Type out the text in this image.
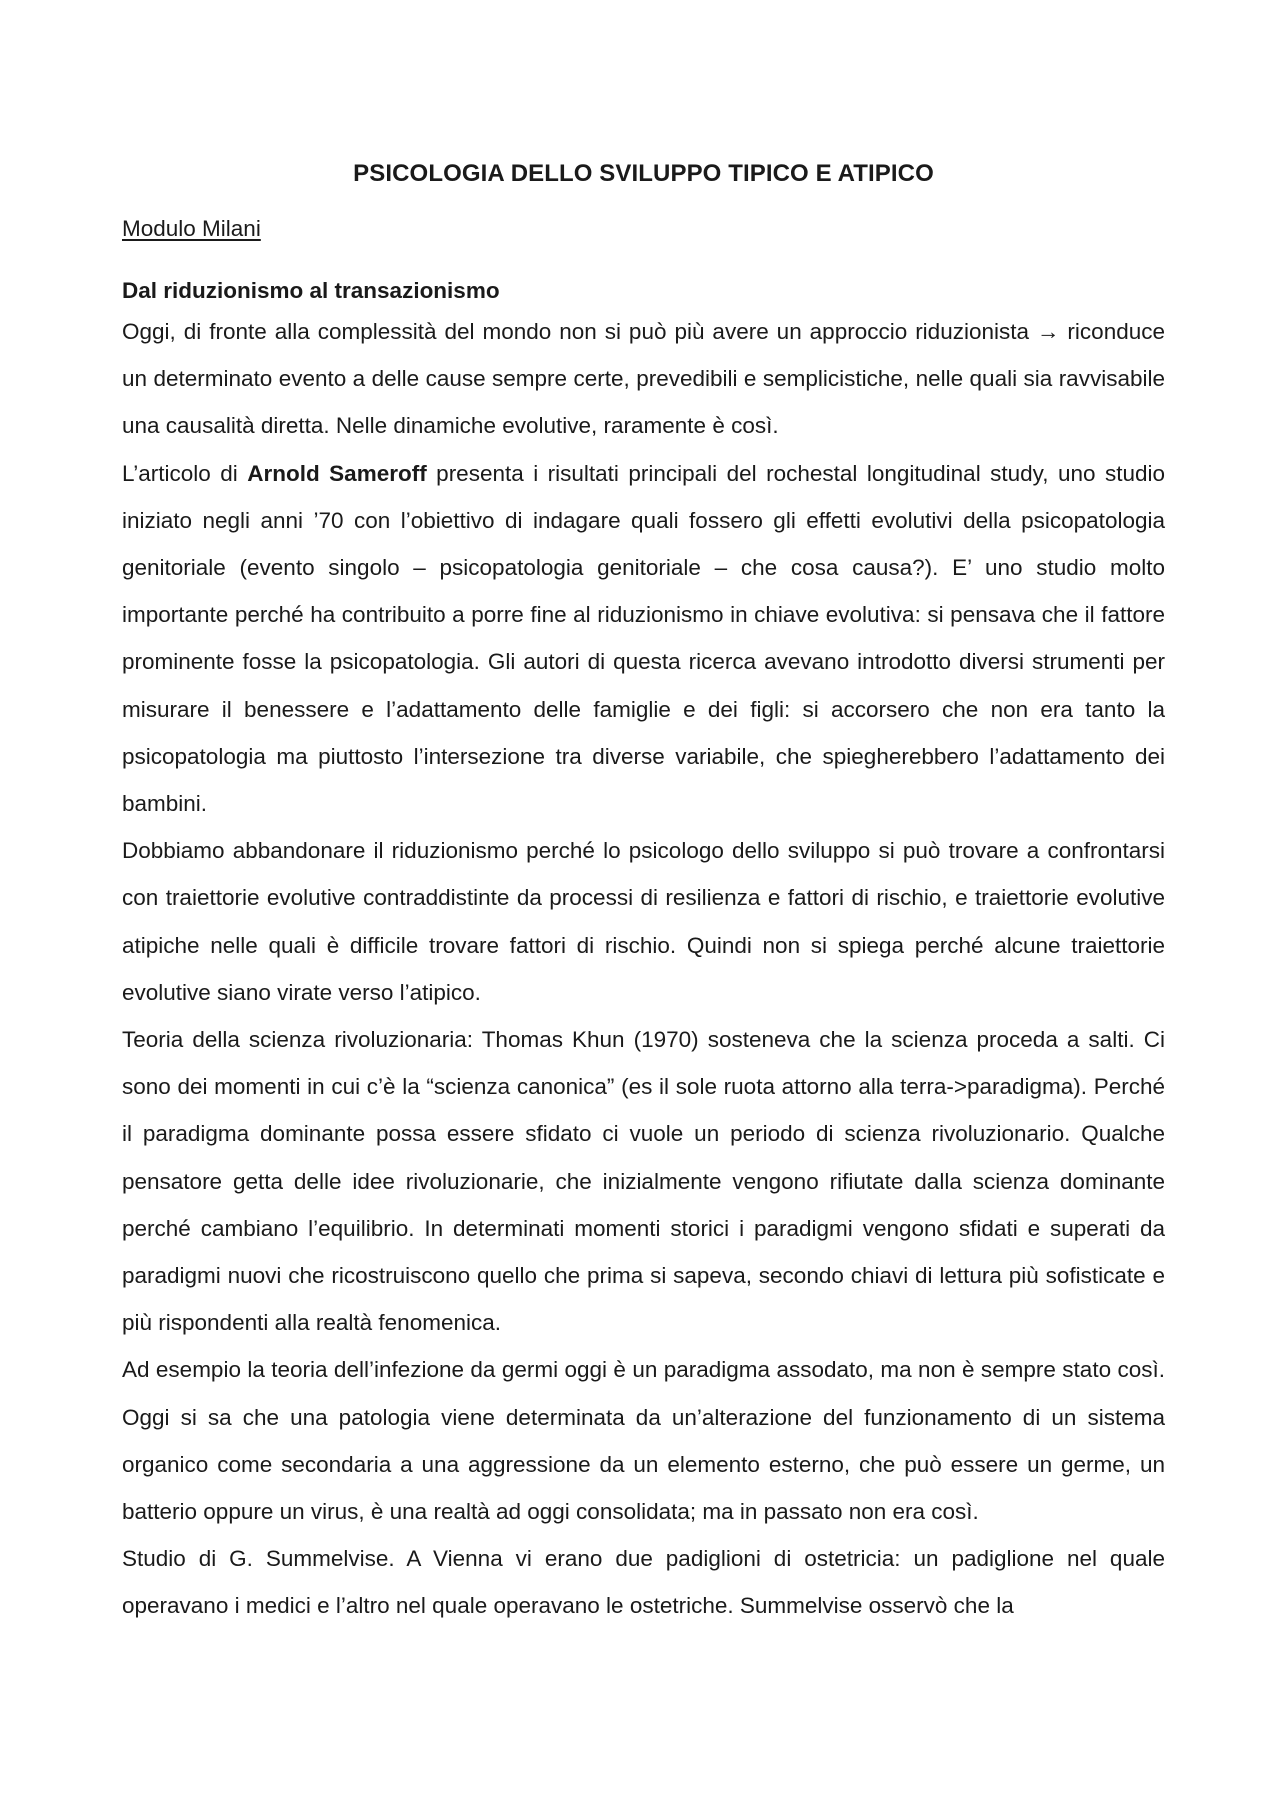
PSICOLOGIA DELLO SVILUPPO TIPICO E ATIPICO

Modulo Milani

Dal riduzionismo al transazionismo

Oggi, di fronte alla complessità del mondo non si può più avere un approccio riduzionista → riconduce un determinato evento a delle cause sempre certe, prevedibili e semplicistiche, nelle quali sia ravvisabile una causalità diretta. Nelle dinamiche evolutive, raramente è così.

L’articolo di Arnold Sameroff presenta i risultati principali del rochestal longitudinal study, uno studio iniziato negli anni ’70 con l’obiettivo di indagare quali fossero gli effetti evolutivi della psicopatologia genitoriale (evento singolo – psicopatologia genitoriale – che cosa causa?). E’ uno studio molto importante perché ha contribuito a porre fine al riduzionismo in chiave evolutiva: si pensava che il fattore prominente fosse la psicopatologia. Gli autori di questa ricerca avevano introdotto diversi strumenti per misurare il benessere e l’adattamento delle famiglie e dei figli: si accorsero che non era tanto la psicopatologia ma piuttosto l’intersezione tra diverse variabile, che spiegherebbero l’adattamento dei bambini.

Dobbiamo abbandonare il riduzionismo perché lo psicologo dello sviluppo si può trovare a confrontarsi con traiettorie evolutive contraddistinte da processi di resilienza e fattori di rischio, e traiettorie evolutive atipiche nelle quali è difficile trovare fattori di rischio. Quindi non si spiega perché alcune traiettorie evolutive siano virate verso l’atipico.

Teoria della scienza rivoluzionaria: Thomas Khun (1970) sosteneva che la scienza proceda a salti. Ci sono dei momenti in cui c’è la “scienza canonica” (es il sole ruota attorno alla terra->paradigma). Perché il paradigma dominante possa essere sfidato ci vuole un periodo di scienza rivoluzionario. Qualche pensatore getta delle idee rivoluzionarie, che inizialmente vengono rifiutate dalla scienza dominante perché cambiano l’equilibrio. In determinati momenti storici i paradigmi vengono sfidati e superati da paradigmi nuovi che ricostruiscono quello che prima si sapeva, secondo chiavi di lettura più sofisticate e più rispondenti alla realtà fenomenica.

Ad esempio la teoria dell’infezione da germi oggi è un paradigma assodato, ma non è sempre stato così. Oggi si sa che una patologia viene determinata da un’alterazione del funzionamento di un sistema organico come secondaria a una aggressione da un elemento esterno, che può essere un germe, un batterio oppure un virus, è una realtà ad oggi consolidata; ma in passato non era così.

Studio di G. Summelvise. A Vienna vi erano due padiglioni di ostetricia: un padiglione nel quale operavano i medici e l’altro nel quale operavano le ostetriche. Summelvise osservò che la
